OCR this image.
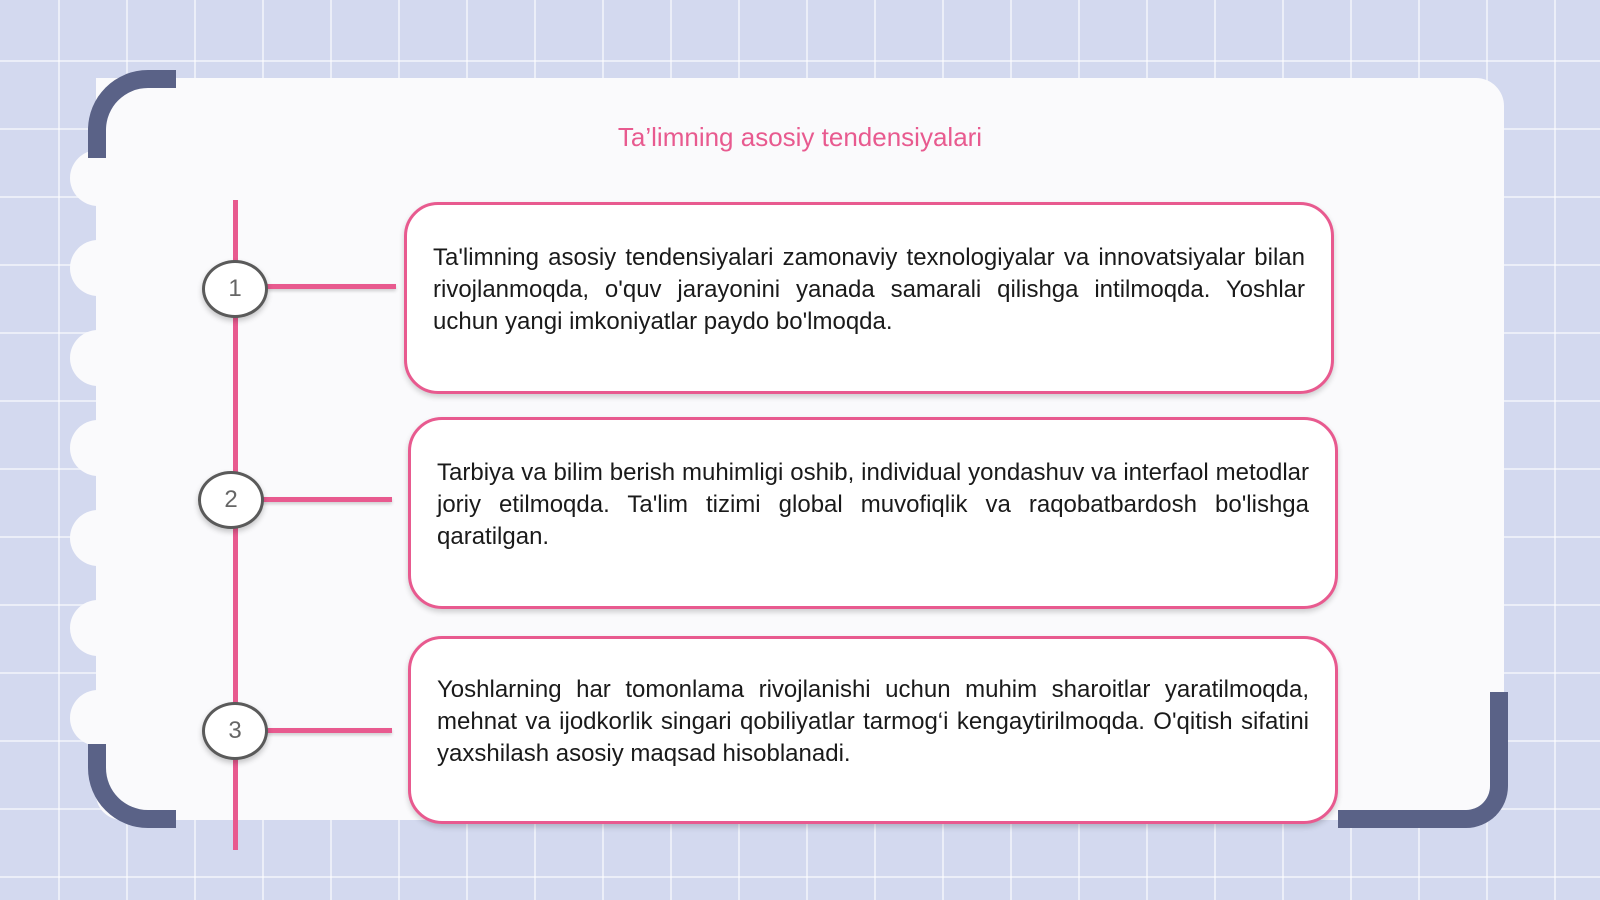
Ta’limning asosiy tendensiyalari
1
2
3
Ta'limning asosiy tendensiyalari zamonaviy texnologiyalar va innovatsiyalar bilan rivojlanmoqda, o'quv jarayonini yanada samarali qilishga intilmoqda. Yoshlar uchun yangi imkoniyatlar paydo bo'lmoqda.
Tarbiya va bilim berish muhimligi oshib, individual yondashuv va interfaol metodlar joriy etilmoqda. Ta'lim tizimi global muvofiqlik va raqobatbardosh bo'lishga qaratilgan.
Yoshlarning har tomonlama rivojlanishi uchun muhim sharoitlar yaratilmoqda, mehnat va ijodkorlik singari qobiliyatlar tarmog‘i kengaytirilmoqda. O'qitish sifatini yaxshilash asosiy maqsad hisoblanadi.
